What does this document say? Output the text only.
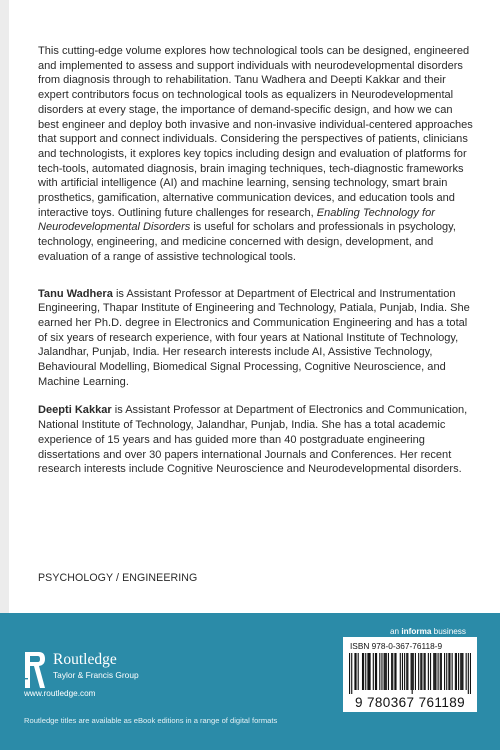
This cutting-edge volume explores how technological tools can be designed, engineered and implemented to assess and support individuals with neurodevelopmental disorders from diagnosis through to rehabilitation. Tanu Wadhera and Deepti Kakkar and their expert contributors focus on technological tools as equalizers in Neurodevelopmental disorders at every stage, the importance of demand-specific design, and how we can best engineer and deploy both invasive and non-invasive individual-centered approaches that support and connect individuals. Considering the perspectives of patients, clinicians and technologists, it explores key topics including design and evaluation of platforms for tech-tools, automated diagnosis, brain imaging techniques, tech-diagnostic frameworks with artificial intelligence (AI) and machine learning, sensing technology, smart brain prosthetics, gamification, alternative communication devices, and education tools and interactive toys. Outlining future challenges for research, Enabling Technology for Neurodevelopmental Disorders is useful for scholars and professionals in psychology, technology, engineering, and medicine concerned with design, development, and evaluation of a range of assistive technological tools.

Tanu Wadhera is Assistant Professor at Department of Electrical and Instrumentation Engineering, Thapar Institute of Engineering and Technology, Patiala, Punjab, India. She earned her Ph.D. degree in Electronics and Communication Engineering and has a total of six years of research experience, with four years at National Institute of Technology, Jalandhar, Punjab, India. Her research interests include AI, Assistive Technology, Behavioural Modelling, Biomedical Signal Processing, Cognitive Neuroscience, and Machine Learning.

Deepti Kakkar is Assistant Professor at Department of Electronics and Communication, National Institute of Technology, Jalandhar, Punjab, India. She has a total academic experience of 15 years and has guided more than 40 postgraduate engineering dissertations and over 30 papers international Journals and Conferences. Her recent research interests include Cognitive Neuroscience and Neurodevelopmental disorders.

PSYCHOLOGY / ENGINEERING
an informa business
Routledge
Taylor & Francis Group
www.routledge.com
Routledge titles are available as eBook editions in a range of digital formats
ISBN 978-0-367-76118-9
9 780367 761189
